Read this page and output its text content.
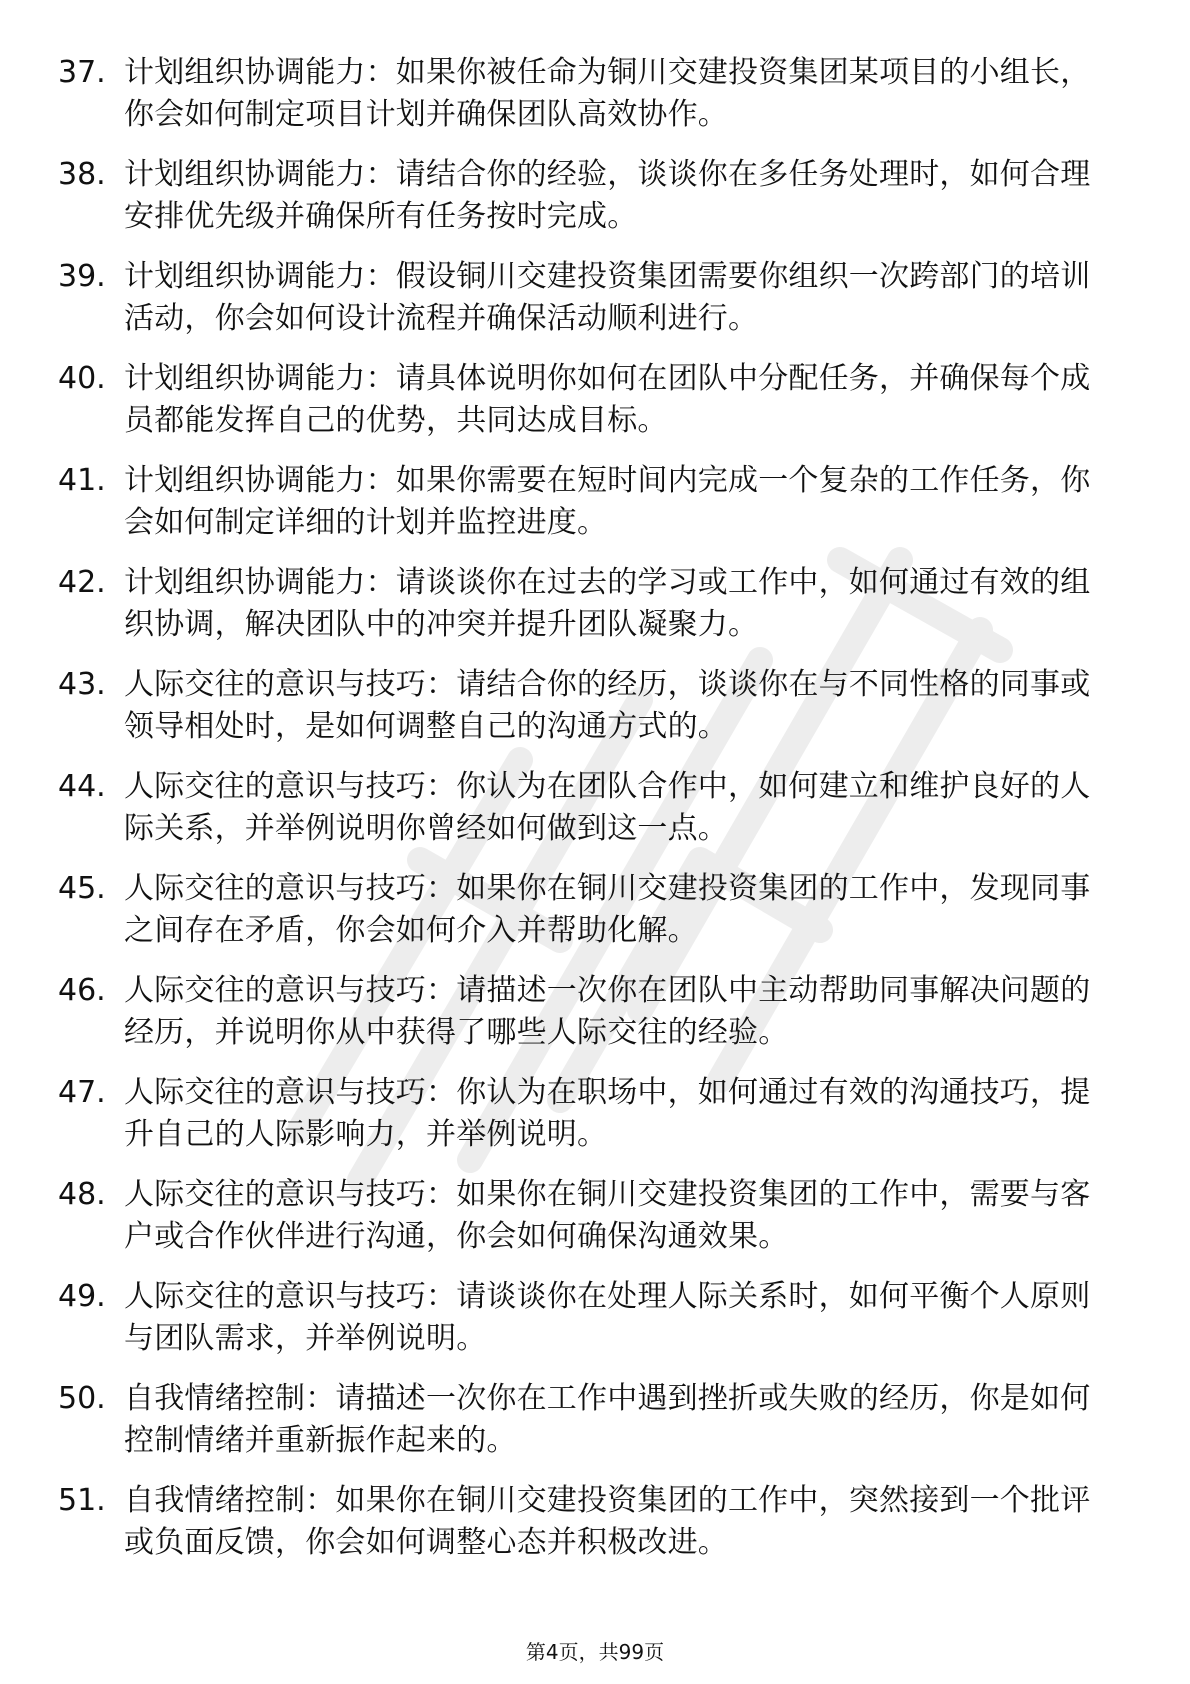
37. 计划组织协调能力：如果你被任命为铜川交建投资集团某项目的小组长，你会如何制定项目计划并确保团队高效协作。
38. 计划组织协调能力：请结合你的经验，谈谈你在多任务处理时，如何合理安排优先级并确保所有任务按时完成。
39. 计划组织协调能力：假设铜川交建投资集团需要你组织一次跨部门的培训活动，你会如何设计流程并确保活动顺利进行。
40. 计划组织协调能力：请具体说明你如何在团队中分配任务，并确保每个成员都能发挥自己的优势，共同达成目标。
41. 计划组织协调能力：如果你需要在短时间内完成一个复杂的工作任务，你会如何制定详细的计划并监控进度。
42. 计划组织协调能力：请谈谈你在过去的学习或工作中，如何通过有效的组织协调，解决团队中的冲突并提升团队凝聚力。
43. 人际交往的意识与技巧：请结合你的经历，谈谈你在与不同性格的同事或领导相处时，是如何调整自己的沟通方式的。
44. 人际交往的意识与技巧：你认为在团队合作中，如何建立和维护良好的人际关系，并举例说明你曾经如何做到这一点。
45. 人际交往的意识与技巧：如果你在铜川交建投资集团的工作中，发现同事之间存在矛盾，你会如何介入并帮助化解。
46. 人际交往的意识与技巧：请描述一次你在团队中主动帮助同事解决问题的经历，并说明你从中获得了哪些人际交往的经验。
47. 人际交往的意识与技巧：你认为在职场中，如何通过有效的沟通技巧，提升自己的人际影响力，并举例说明。
48. 人际交往的意识与技巧：如果你在铜川交建投资集团的工作中，需要与客户或合作伙伴进行沟通，你会如何确保沟通效果。
49. 人际交往的意识与技巧：请谈谈你在处理人际关系时，如何平衡个人原则与团队需求，并举例说明。
50. 自我情绪控制：请描述一次你在工作中遇到挫折或失败的经历，你是如何控制情绪并重新振作起来的。
51. 自我情绪控制：如果你在铜川交建投资集团的工作中，突然接到一个批评或负面反馈，你会如何调整心态并积极改进。
第4页，共99页
